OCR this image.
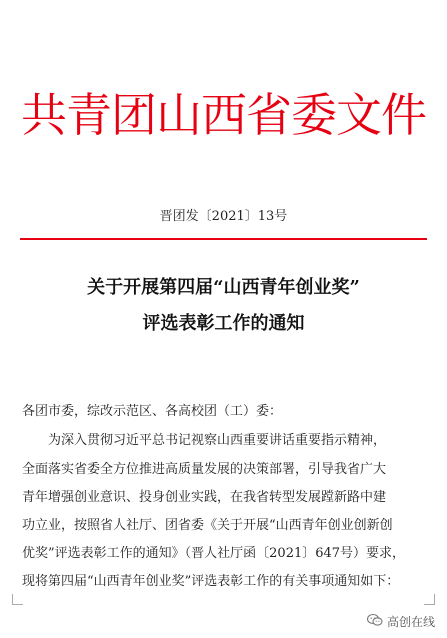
共青团山西省委文件
晋团发〔2021〕13号
关于开展第四届“山西青年创业奖”
评选表彰工作的通知
各团市委，综改示范区、各高校团（工）委：
为深入贯彻习近平总书记视察山西重要讲话重要指示精神，
全面落实省委全方位推进高质量发展的决策部署，引导我省广大
青年增强创业意识、投身创业实践，在我省转型发展蹚新路中建
功立业，按照省人社厅、团省委《关于开展“山西青年创业创新创
优奖”评选表彰工作的通知》（晋人社厅函〔2021〕647号）要求，
现将第四届“山西青年创业奖”评选表彰工作的有关事项通知如下：
高创在线
